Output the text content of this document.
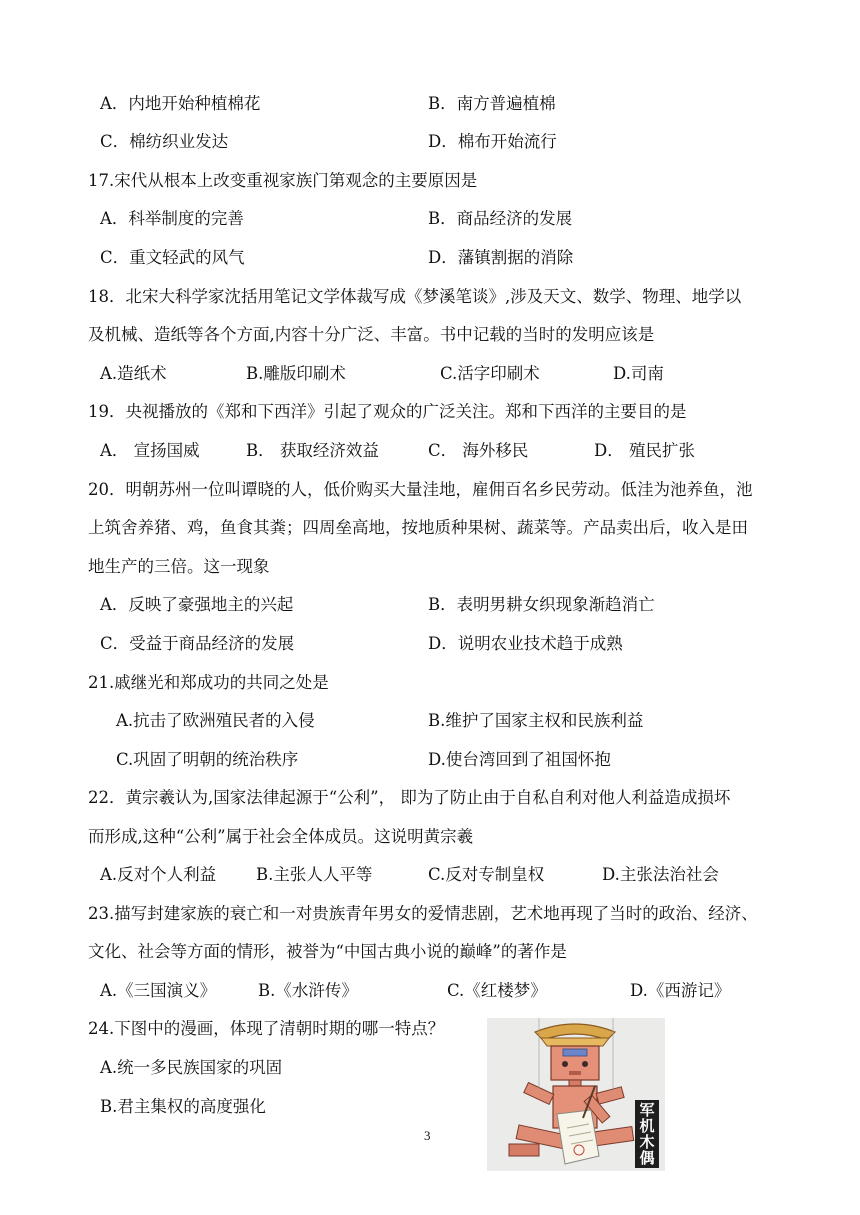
A．内地开始种植棉花	B．南方普遍植棉
C．棉纺织业发达	D．棉布开始流行
17.宋代从根本上改变重视家族门第观念的主要原因是
A．科举制度的完善	B．商品经济的发展
C．重文轻武的风气	D．藩镇割据的消除
18．北宋大科学家沈括用笔记文学体裁写成《梦溪笔谈》,涉及天文、数学、物理、地学以
及机械、造纸等各个方面,内容十分广泛、丰富。书中记载的当时的发明应该是
A.造纸术	B.雕版印刷术	C.活字印刷术	D.司南
19．央视播放的《郑和下西洋》引起了观众的广泛关注。郑和下西洋的主要目的是
A． 宣扬国威	B． 获取经济效益	C． 海外移民	D． 殖民扩张
20．明朝苏州一位叫谭晓的人，低价购买大量洼地，雇佣百名乡民劳动。低洼为池养鱼，池
上筑舍养猪、鸡，鱼食其粪；四周垒高地，按地质种果树、蔬菜等。产品卖出后，收入是田
地生产的三倍。这一现象
A．反映了豪强地主的兴起	B．表明男耕女织现象渐趋消亡
C．受益于商品经济的发展	D．说明农业技术趋于成熟
21.戚继光和郑成功的共同之处是
A.抗击了欧洲殖民者的入侵	B.维护了国家主权和民族利益
C.巩固了明朝的统治秩序	D.使台湾回到了祖国怀抱
22．黄宗羲认为,国家法律起源于“公利”， 即为了防止由于自私自利对他人利益造成损坏
而形成,这种“公利”属于社会全体成员。这说明黄宗羲
A.反对个人利益 B.主张人人平等	C.反对专制皇权	D.主张法治社会
23.描写封建家族的衰亡和一对贵族青年男女的爱情悲剧，艺术地再现了当时的政治、经济、
文化、社会等方面的情形，被誉为“中国古典小说的巅峰”的著作是
A.《三国演义》	B.《水浒传》	C.《红楼梦》	D.《西游记》
24.下图中的漫画，体现了清朝时期的哪一特点？
A.统一多民族国家的巩固
B.君主集权的高度强化	军机木偶
3
